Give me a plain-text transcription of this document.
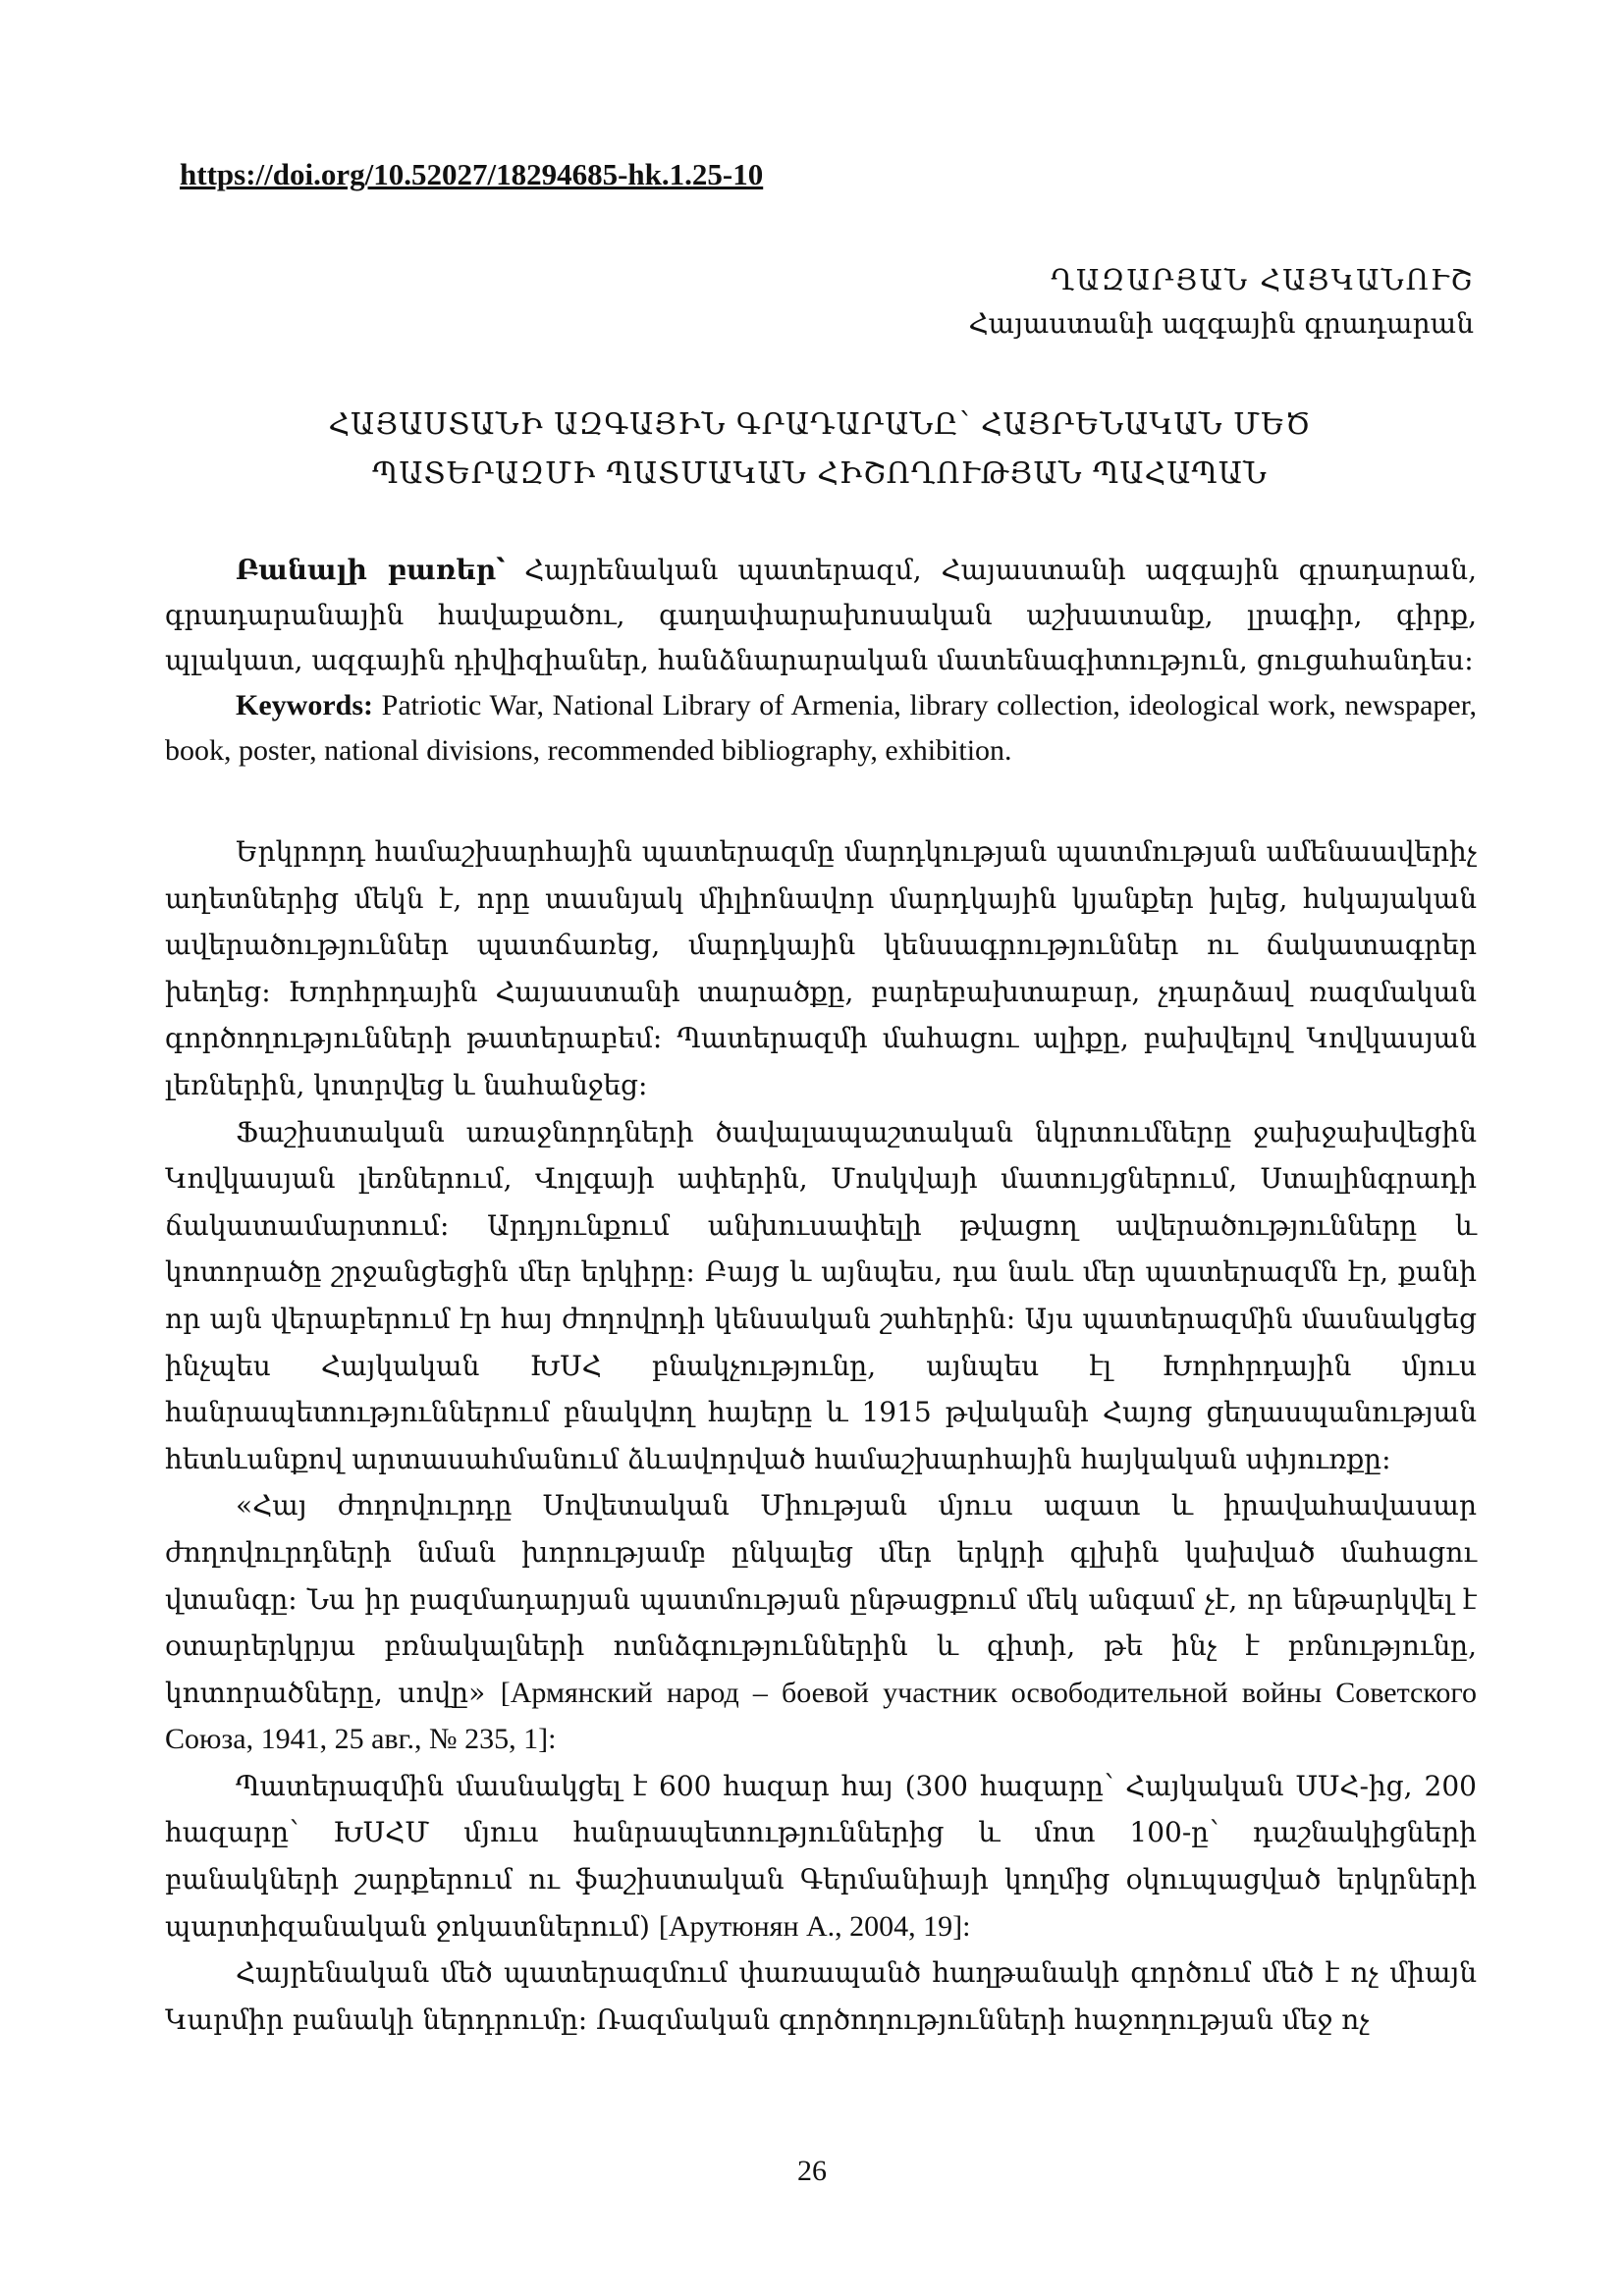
https://doi.org/10.52027/18294685-hk.1.25-10
ՂԱԶԱՐՅԱՆ ՀԱՅԿԱՆՈՒՇ
Հայաստանի ազգային գրադարան
ՀԱՅԱՍՏԱՆԻ ԱԶԳԱՅԻՆ ԳՐԱԴԱՐԱՆԸ՝ ՀԱՅՐԵՆԱԿԱՆ ՄԵԾ
ՊԱՏԵՐԱԶՄԻ ՊԱՏՄԱԿԱՆ ՀԻՇՈՂՈՒԹՅԱՆ ՊԱՀԱՊԱՆ
Բանալի բառեր՝ Հայրենական պատերազմ, Հայաստանի ազգային գրադարան, գրադարանային հավաքածու, գաղափարախոսական աշխատանք, լրագիր, գիրք, պլակատ, ազգային դիվիզիաներ, հանձնարարական մատենագիտություն, ցուցահանդես:
Keywords: Patriotic War, National Library of Armenia, library collection, ideological work, newspaper, book, poster, national divisions, recommended bibliography, exhibition.

Երկրորդ համաշխարհային պատերազմը մարդկության պատմության ամենաավերիչ աղետներից մեկն է, որը տասնյակ միլիոնավոր մարդկային կյանքեր խլեց, հսկայական ավերածություններ պատճառեց, մարդկային կենսագրություններ ու ճակատագրեր խեղեց: Խորհրդային Հայաստանի տարածքը, բարեբախտաբար, չդարձավ ռազմական գործողությունների թատերաբեմ: Պատերազմի մահացու ալիքը, բախվելով Կովկասյան լեռներին, կոտրվեց և նահանջեց:

Ֆաշիստական առաջնորդների ծավալապաշտական նկրտումները ջախջախվեցին Կովկասյան լեռներում, Վոլգայի ափերին, Մոսկվայի մատույցներում, Ստալինգրադի ճակատամարտում: Արդյունքում անխուսափելի թվացող ավերածությունները և կոտորածը շրջանցեցին մեր երկիրը: Բայց և այնպես, դա նաև մեր պատերազմն էր, քանի որ այն վերաբերում էր հայ ժողովրդի կենսական շահերին: Այս պատերազմին մասնակցեց ինչպես Հայկական ԽՍՀ բնակչությունը, այնպես էլ Խորհրդային մյուս հանրապետություններում բնակվող հայերը և 1915 թվականի Հայոց ցեղասպանության հետևանքով արտասահմանում ձևավորված համաշխարհային հայկական սփյուռքը:

«Հայ ժողովուրդը Սովետական Միության մյուս ազատ և իրավահավասար ժողովուրդների նման խորությամբ ընկալեց մեր երկրի գլխին կախված մահացու վտանգը: Նա իր բազմադարյան պատմության ընթացքում մեկ անգամ չէ, որ ենթարկվել է օտարերկրյա բռնակալների ոտնձգություններին և գիտի, թե ինչ է բռնությունը, կոտորածները, սովը» [Армянский народ – боевой участник освободительной войны Советского Союза, 1941, 25 авг., № 235, 1]:

Պատերազմին մասնակցել է 600 հազար հայ (300 հազարը՝ Հայկական ՍՍՀ-ից, 200 հազարը՝ ԽՍՀՄ մյուս հանրապետություններից և մոտ 100-ը՝ դաշնակիցների բանակների շարքերում ու ֆաշիստական Գերմանիայի կողմից օկուպացված երկրների պարտիզանական ջոկատներում) [Арутюнян А., 2004, 19]:

Հայրենական մեծ պատերազմում փառապանծ հաղթանակի գործում մեծ է ոչ միայն Կարմիր բանակի ներդրումը: Ռազմական գործողությունների հաջողության մեջ ոչ

26
